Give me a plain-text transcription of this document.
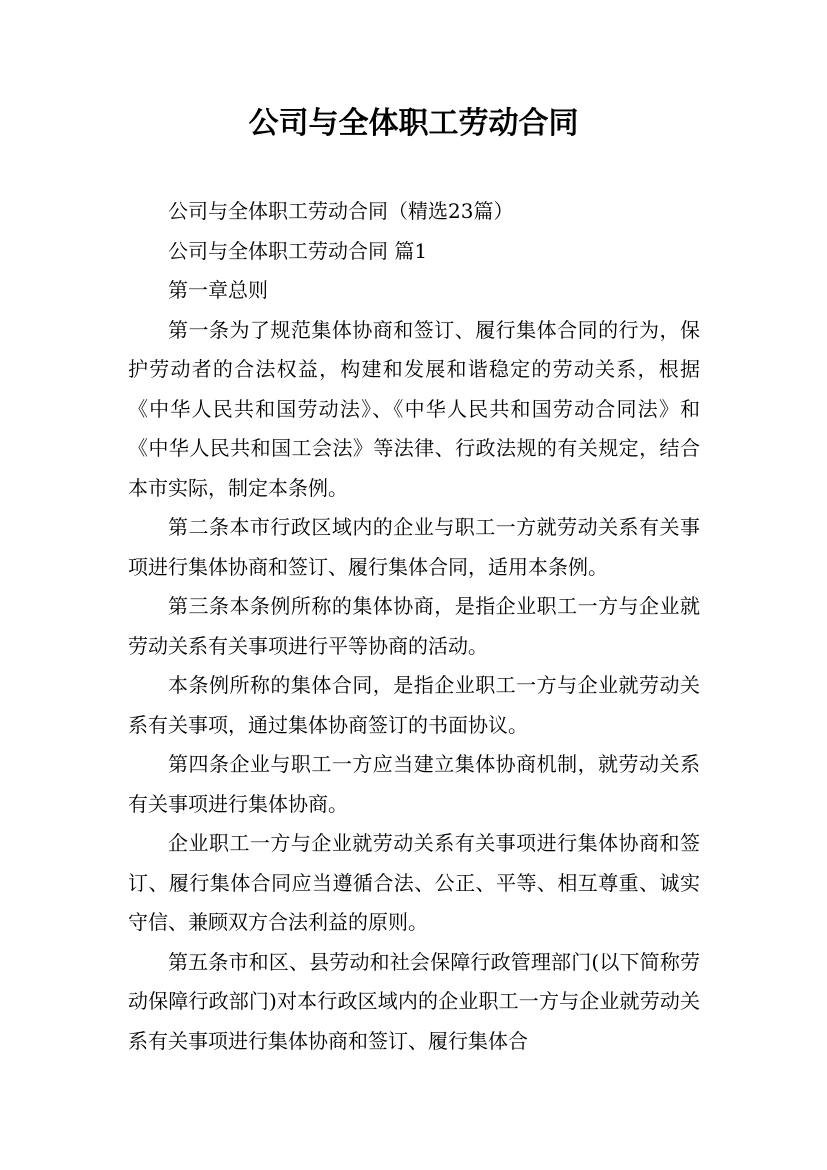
公司与全体职工劳动合同

公司与全体职工劳动合同（精选23篇）

公司与全体职工劳动合同 篇1

第一章总则

第一条为了规范集体协商和签订、履行集体合同的行为，保护劳动者的合法权益，构建和发展和谐稳定的劳动关系，根据《中华人民共和国劳动法》、《中华人民共和国劳动合同法》和《中华人民共和国工会法》等法律、行政法规的有关规定，结合本市实际，制定本条例。

第二条本市行政区域内的企业与职工一方就劳动关系有关事项进行集体协商和签订、履行集体合同，适用本条例。

第三条本条例所称的集体协商，是指企业职工一方与企业就劳动关系有关事项进行平等协商的活动。

本条例所称的集体合同，是指企业职工一方与企业就劳动关系有关事项，通过集体协商签订的书面协议。

第四条企业与职工一方应当建立集体协商机制，就劳动关系有关事项进行集体协商。

企业职工一方与企业就劳动关系有关事项进行集体协商和签订、履行集体合同应当遵循合法、公正、平等、相互尊重、诚实守信、兼顾双方合法利益的原则。

第五条市和区、县劳动和社会保障行政管理部门(以下简称劳动保障行政部门)对本行政区域内的企业职工一方与企业就劳动关系有关事项进行集体协商和签订、履行集体合
